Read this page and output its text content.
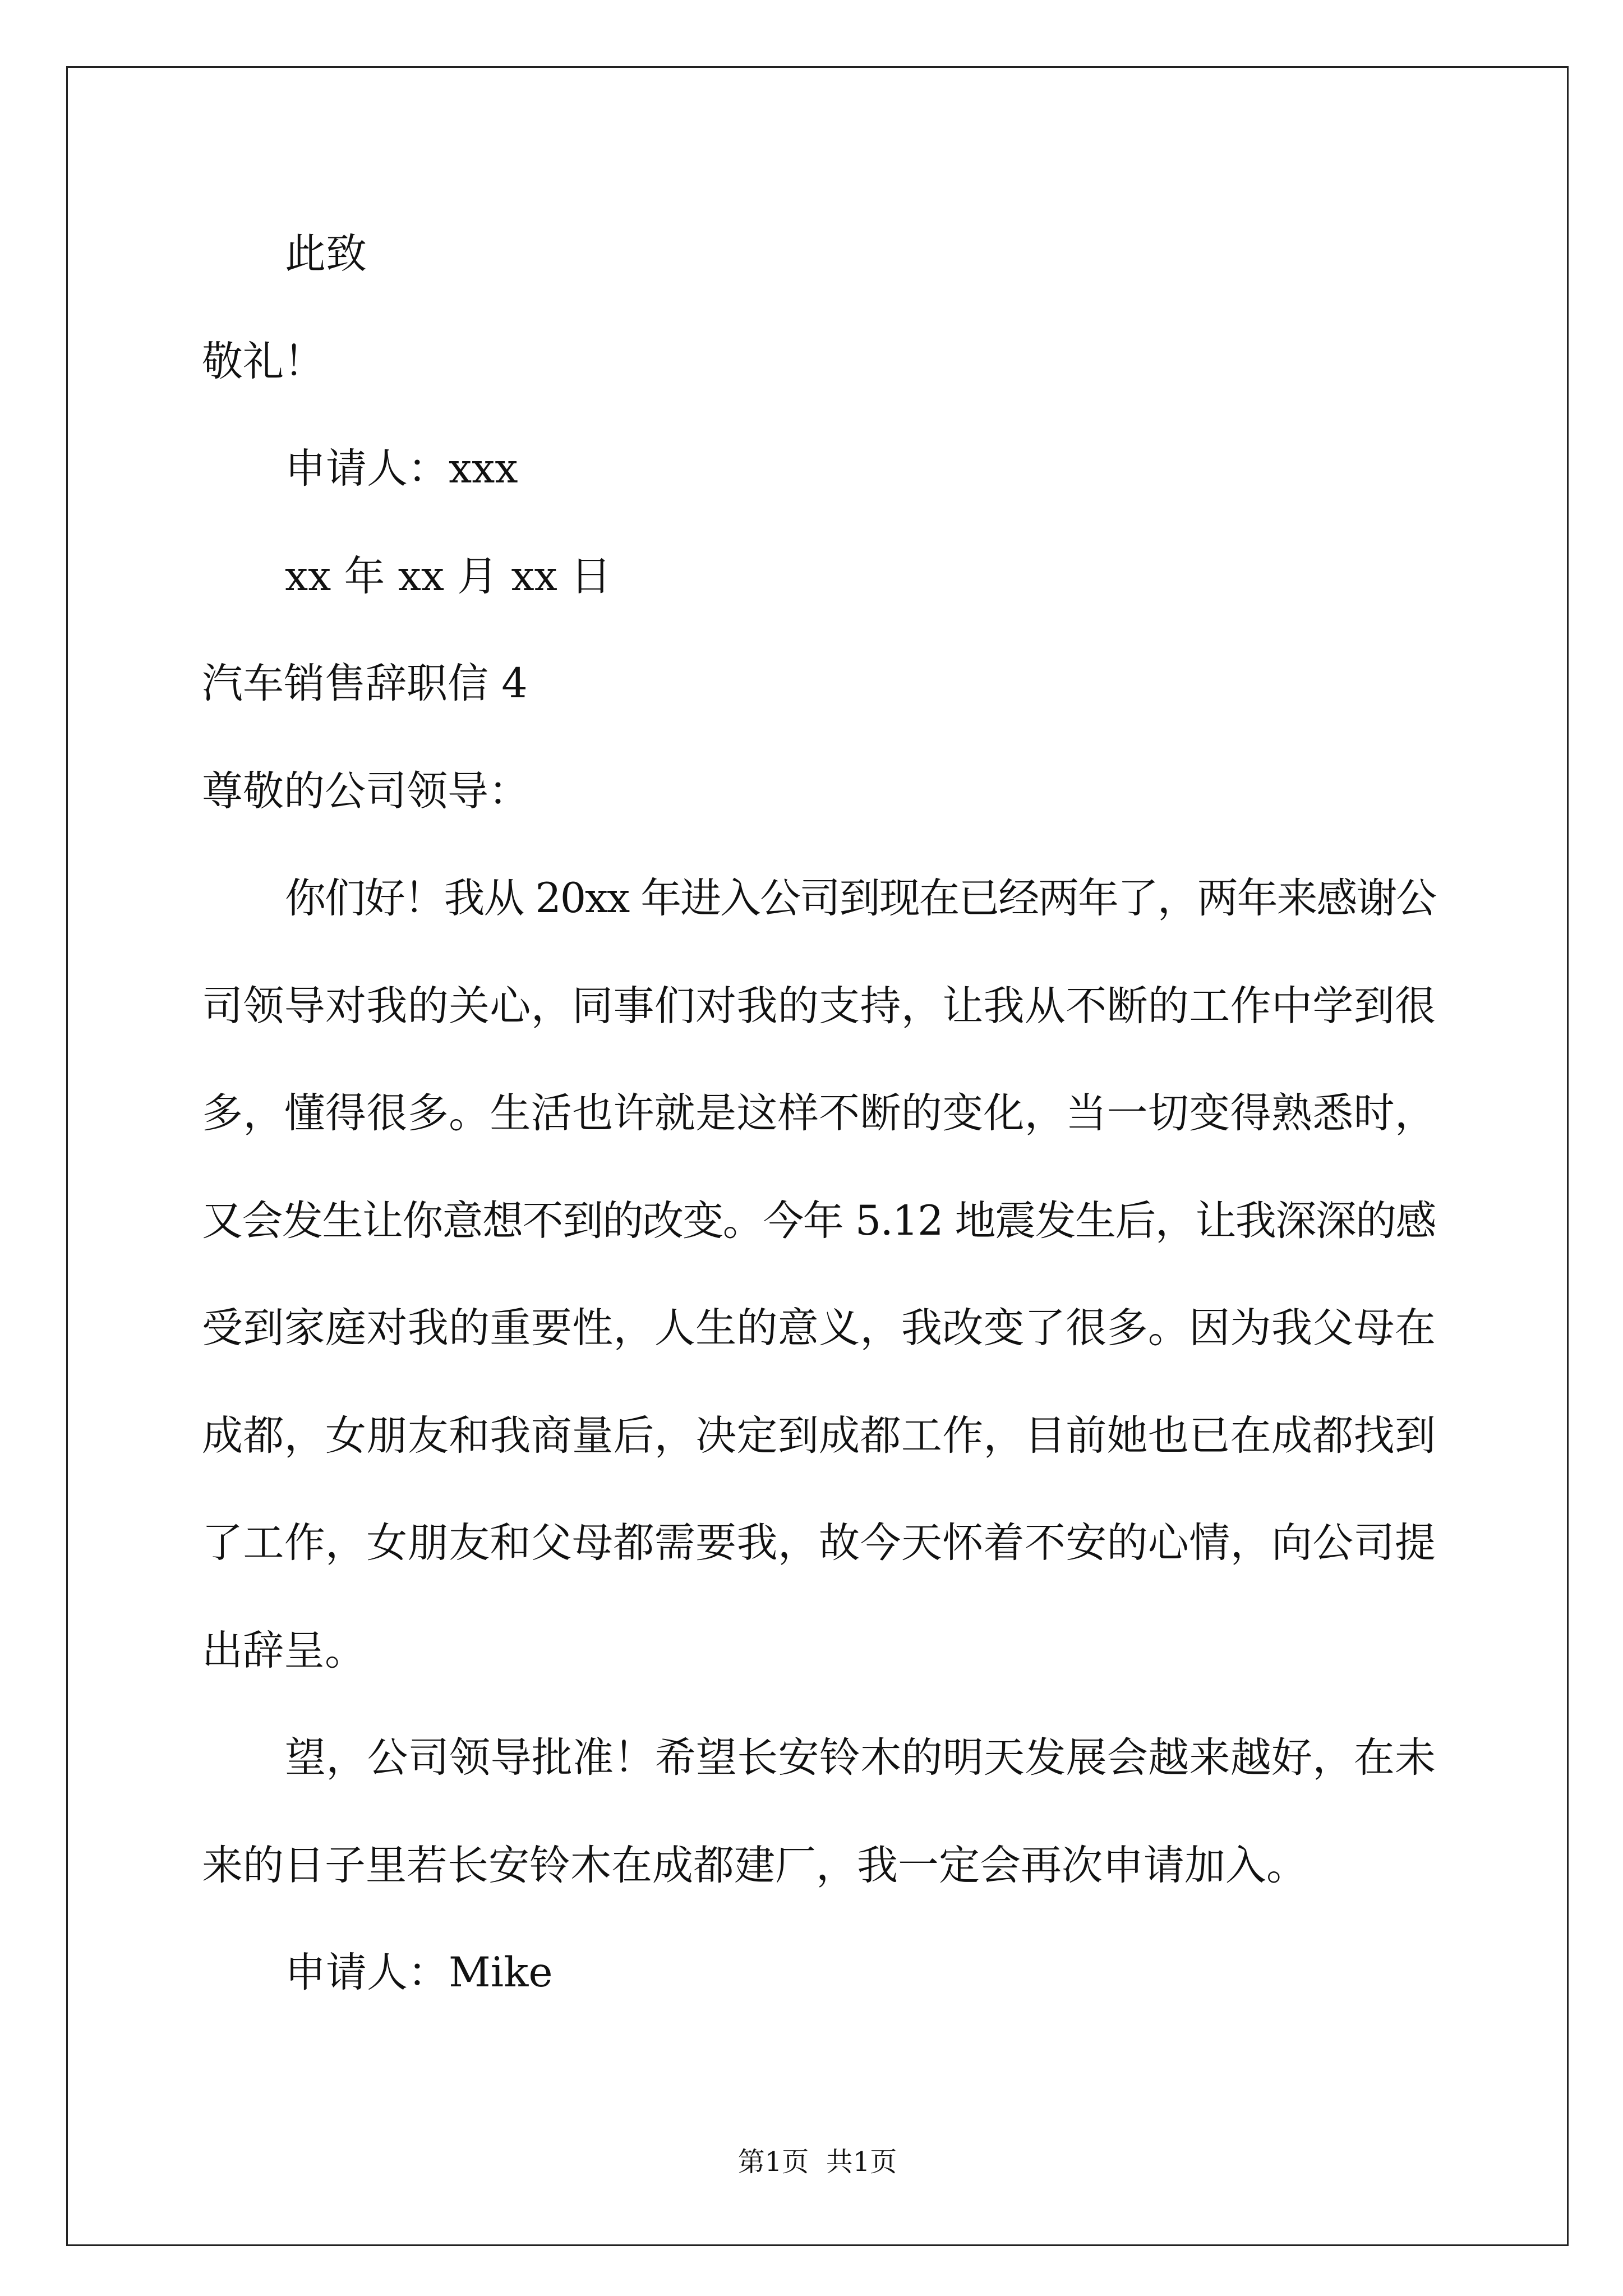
此致
敬礼！
申请人：xxx
xx 年 xx 月 xx 日
汽车销售辞职信 4
尊敬的公司领导：
你们好！我从 20xx 年进入公司到现在已经两年了，两年来感谢公
司领导对我的关心，同事们对我的支持，让我从不断的工作中学到很
多，懂得很多。生活也许就是这样不断的变化，当一切变得熟悉时，
又会发生让你意想不到的改变。今年 5.12 地震发生后，让我深深的感
受到家庭对我的重要性，人生的意义，我改变了很多。因为我父母在
成都，女朋友和我商量后，决定到成都工作，目前她也已在成都找到
了工作，女朋友和父母都需要我，故今天怀着不安的心情，向公司提
出辞呈。
望，公司领导批准！希望长安铃木的明天发展会越来越好，在未
来的日子里若长安铃木在成都建厂，我一定会再次申请加入。
申请人：Mike
第1页  共1页
